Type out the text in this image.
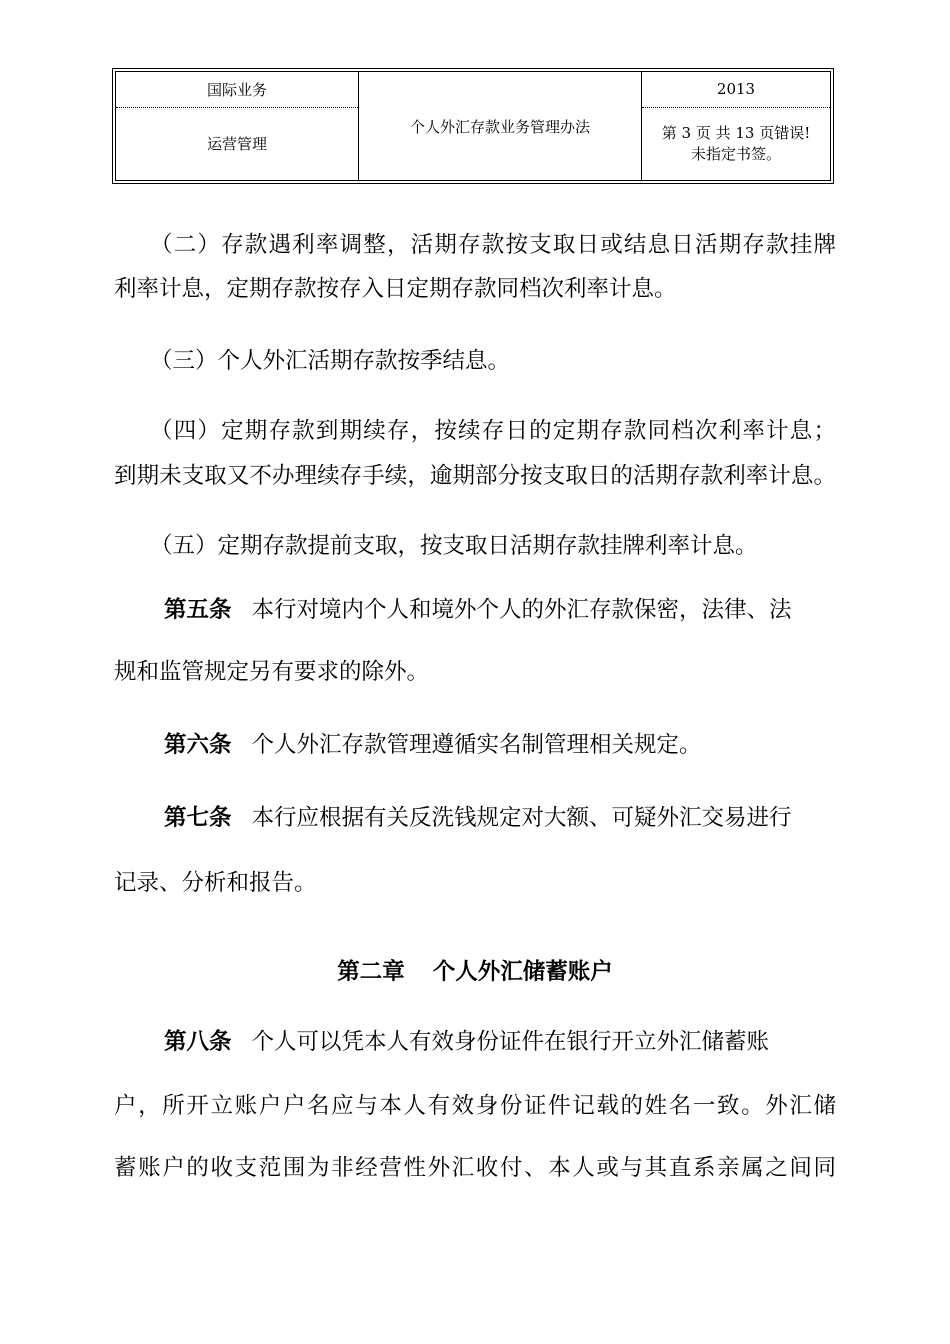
国际业务	个人外汇存款业务管理办法	2013
运营管理		第 3 页 共 13 页错误!
未指定书签。
（二）存款遇利率调整，活期存款按支取日或结息日活期存款挂牌
利率计息，定期存款按存入日定期存款同档次利率计息。
（三）个人外汇活期存款按季结息。
（四）定期存款到期续存，按续存日的定期存款同档次利率计息；
到期未支取又不办理续存手续，逾期部分按支取日的活期存款利率计息。
（五）定期存款提前支取，按支取日活期存款挂牌利率计息。
第五条 本行对境内个人和境外个人的外汇存款保密，法律、法
规和监管规定另有要求的除外。
第六条 个人外汇存款管理遵循实名制管理相关规定。
第七条 本行应根据有关反洗钱规定对大额、可疑外汇交易进行
记录、分析和报告。
第二章 个人外汇储蓄账户
第八条 个人可以凭本人有效身份证件在银行开立外汇储蓄账
户，所开立账户户名应与本人有效身份证件记载的姓名一致。外汇储
蓄账户的收支范围为非经营性外汇收付、本人或与其直系亲属之间同
